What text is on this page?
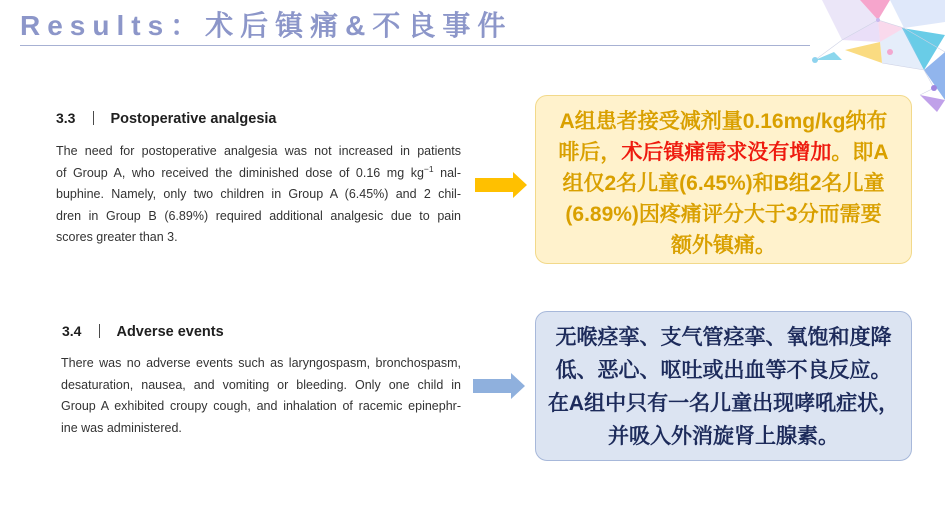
Results：术后镇痛&不良事件
3.3 Postoperative analgesia
The need for postoperative analgesia was not increased in patients
of Group A, who received the diminished dose of 0.16 mg $kg^{-1}$ nal-
buphine. Namely, only two children in Group A (6.45%) and 2 chil-
dren in Group B (6.89%) required additional analgesic due to pain
scores greater than 3.
A组患者接受减剂量0.16mg/kg纳布
啡后，术后镇痛需求没有增加。即A
组仅2名儿童(6.45%)和B组2名儿童
(6.89%)因疼痛评分大于3分而需要
额外镇痛。
3.4 Adverse events
There was no adverse events such as laryngospasm, bronchospasm,
desaturation, nausea, and vomiting or bleeding. Only one child in
Group A exhibited croupy cough, and inhalation of racemic epinephr-
ine was administered.
无喉痉挛、支气管痉挛、氧饱和度降
低、恶心、呕吐或出血等不良反应。
在A组中只有一名儿童出现哮吼症状，
并吸入外消旋肾上腺素。
